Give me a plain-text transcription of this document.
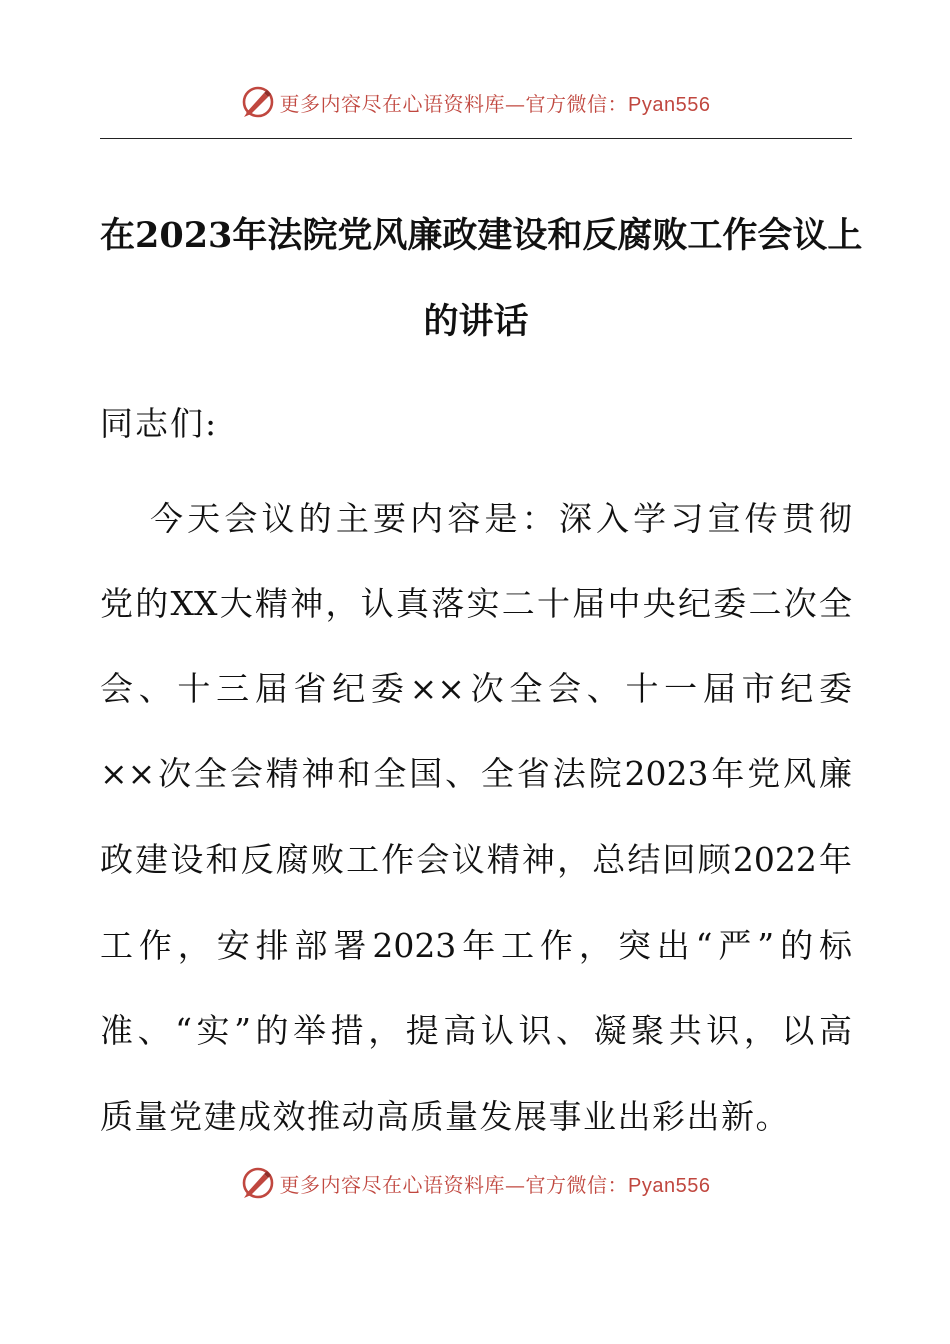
更多内容尽在心语资料库—官方微信：Pyan556
在2023年法院党风廉政建设和反腐败工作会议上
的讲话
同志们:
今天会议的主要内容是：深入学习宣传贯彻
党的XX大精神，认真落实二十届中央纪委二次全
会、十三届省纪委××次全会、十一届市纪委
××次全会精神和全国、全省法院2023年党风廉
政建设和反腐败工作会议精神，总结回顾2022年
工作，安排部署2023年工作，突出“严”的标
准、“实”的举措，提高认识、凝聚共识，以高
质量党建成效推动高质量发展事业出彩出新。
更多内容尽在心语资料库—官方微信：Pyan556
